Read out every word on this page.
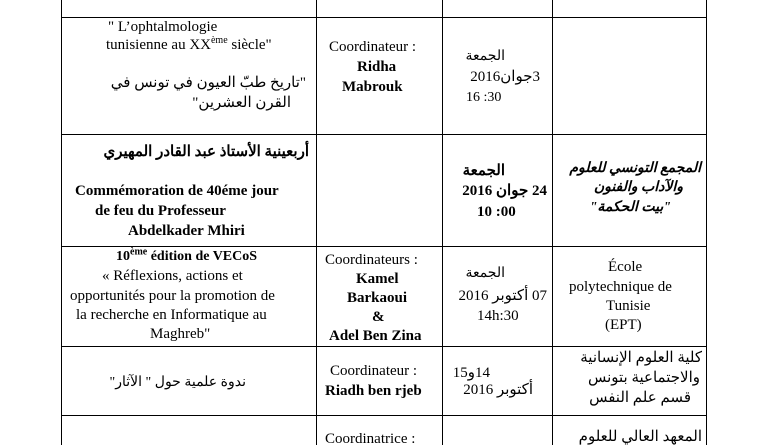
" L’ophtalmologie
tunisienne au XXème siècle"
"تاريخ طبّ العيون في تونس في
القرن العشرين"
Coordinateur :
Ridha
Mabrouk
الجمعة
3جوان2016
16 :30
أربعينية الأستاذ عبد القادر المهيري
Commémoration de 40éme jour
de feu du Professeur
Abdelkader Mhiri
الجمعة
24 جوان 2016
10 :00
المجمع التونسي للعلوم
والآداب والفنون
"بيت الحكمة"
10ème édition de VECoS
« Réflexions, actions et
opportunités pour la promotion de
la recherche en Informatique au
Maghreb"
Coordinateurs :
Kamel
Barkaoui
&
Adel Ben Zina
الجمعة
07 أكتوبر 2016
14h:30
École
polytechnique de
Tunisie
(EPT)
ندوة علمية حول " الآثار"
Coordinateur :
Riadh ben rjeb
14و15
أكتوبر 2016
كلية العلوم الإنسانية
والاجتماعية بتونس
قسم علم النفس
Coordinatrice :	المعهد العالي للعلوم
